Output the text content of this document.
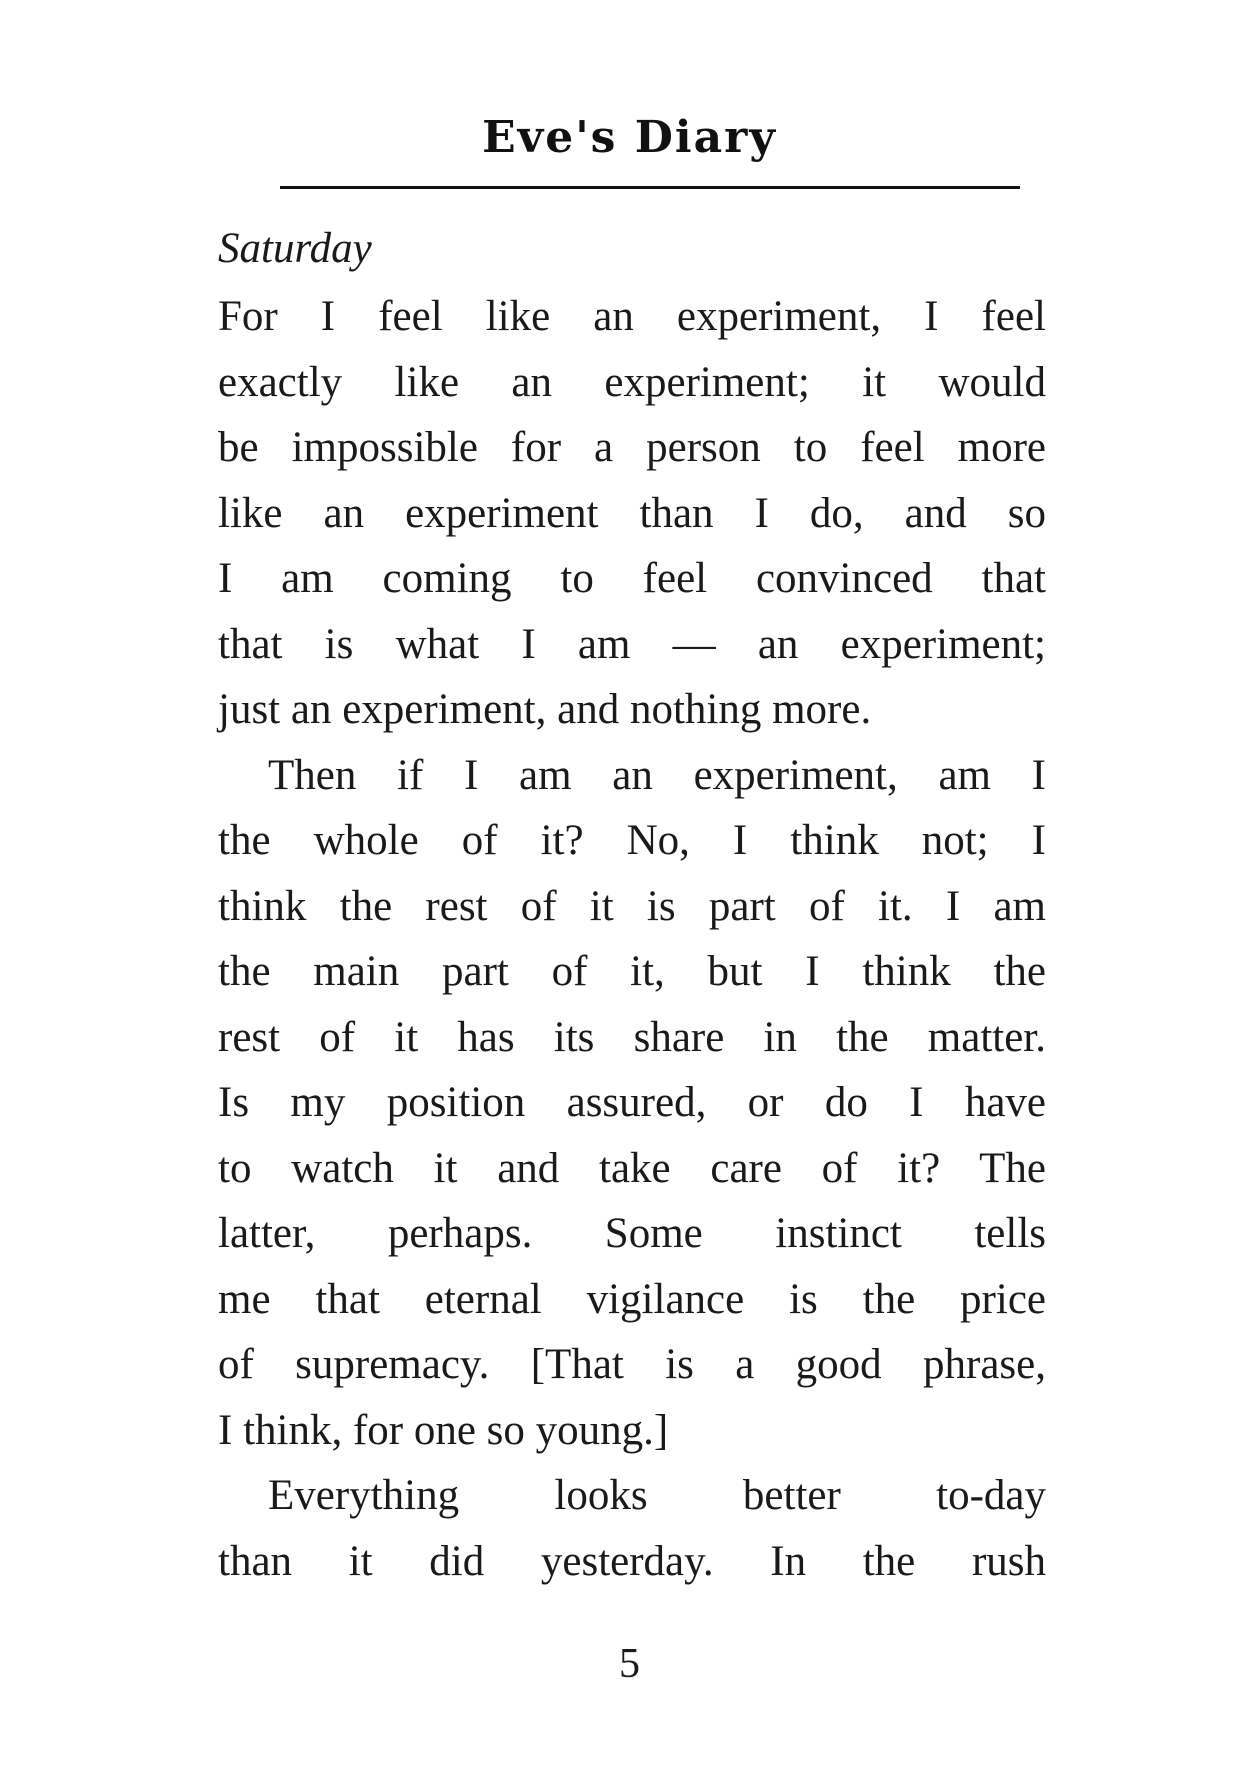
Eve's Diary
Saturday
For I feel like an experiment, I feel
exactly like an experiment; it would
be impossible for a person to feel more
like an experiment than I do, and so
I am coming to feel convinced that
that is what I am — an experiment;
just an experiment, and nothing more.
Then if I am an experiment, am I
the whole of it? No, I think not; I
think the rest of it is part of it. I am
the main part of it, but I think the
rest of it has its share in the matter.
Is my position assured, or do I have
to watch it and take care of it? The
latter, perhaps. Some instinct tells
me that eternal vigilance is the price
of supremacy. [That is a good phrase,
I think, for one so young.]
Everything looks better to-day
than it did yesterday. In the rush
5
